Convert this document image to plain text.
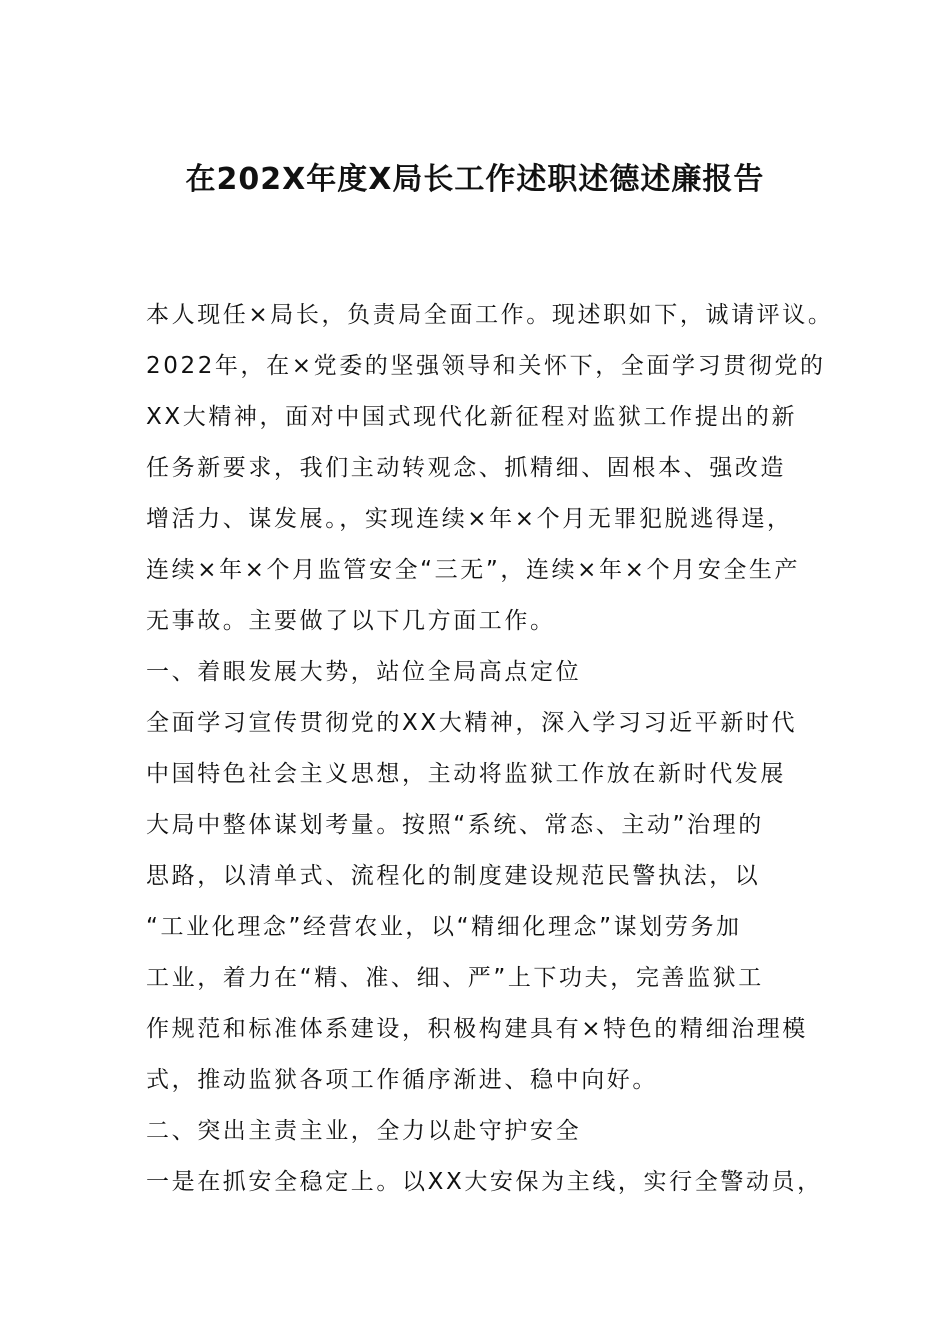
在202X年度X局长工作述职述德述廉报告
本人现任×局长，负责局全面工作。现述职如下，诚请评议。
2022年，在×党委的坚强领导和关怀下，全面学习贯彻党的
XX大精神，面对中国式现代化新征程对监狱工作提出的新
任务新要求，我们主动转观念、抓精细、固根本、强改造
增活力、谋发展。，实现连续×年×个月无罪犯脱逃得逞，
连续×年×个月监管安全“三无”，连续×年×个月安全生产
无事故。主要做了以下几方面工作。
一、着眼发展大势，站位全局高点定位
全面学习宣传贯彻党的XX大精神，深入学习习近平新时代
中国特色社会主义思想，主动将监狱工作放在新时代发展
大局中整体谋划考量。按照“系统、常态、主动”治理的
思路，以清单式、流程化的制度建设规范民警执法，以
“工业化理念”经营农业，以“精细化理念”谋划劳务加
工业，着力在“精、准、细、严”上下功夫，完善监狱工
作规范和标准体系建设，积极构建具有×特色的精细治理模
式，推动监狱各项工作循序渐进、稳中向好。
二、突出主责主业，全力以赴守护安全
一是在抓安全稳定上。以XX大安保为主线，实行全警动员，
